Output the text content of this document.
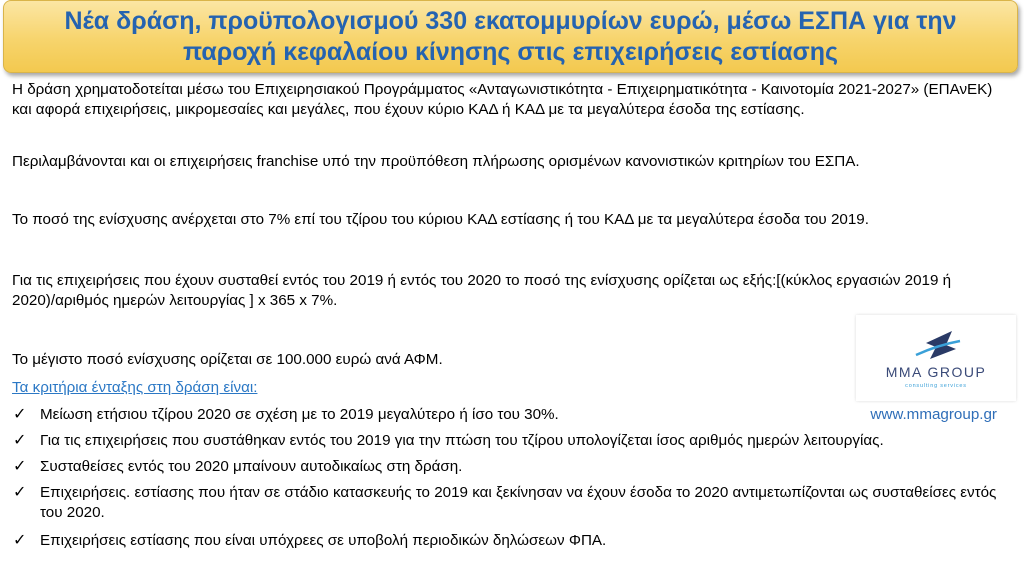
Νέα δράση, προϋπολογισμού 330 εκατομμυρίων ευρώ, μέσω ΕΣΠΑ για την
παροχή κεφαλαίου κίνησης στις επιχειρήσεις εστίασης
Η δράση χρηματοδοτείται μέσω του Επιχειρησιακού Προγράμματος «Ανταγωνιστικότητα - Επιχειρηματικότητα - Καινοτομία 2021-2027» (ΕΠΑνΕΚ) και αφορά επιχειρήσεις, μικρομεσαίες και μεγάλες, που έχουν κύριο ΚΑΔ ή ΚΑΔ με τα μεγαλύτερα έσοδα της εστίασης.
Περιλαμβάνονται και οι επιχειρήσεις franchise υπό την προϋπόθεση πλήρωσης ορισμένων κανονιστικών κριτηρίων του ΕΣΠΑ.
Το ποσό της ενίσχυσης ανέρχεται στο 7% επί του τζίρου του κύριου ΚΑΔ εστίασης ή του ΚΑΔ με τα μεγαλύτερα έσοδα του 2019.
Για τις επιχειρήσεις που έχουν συσταθεί εντός του 2019 ή εντός του 2020 το ποσό της ενίσχυσης ορίζεται ως εξής:[(κύκλος εργασιών 2019 ή 2020)/αριθμός ημερών λειτουργίας ] x 365 x 7%.
Το μέγιστο ποσό ενίσχυσης ορίζεται σε 100.000 ευρώ ανά ΑΦΜ.
Τα κριτήρια ένταξης στη δράση είναι:
✓ Μείωση ετήσιου τζίρου 2020 σε σχέση με το 2019 μεγαλύτερο ή ίσο του 30%.	www.mmagroup.gr
✓ Για τις επιχειρήσεις που συστάθηκαν εντός του 2019 για την πτώση του τζίρου υπολογίζεται ίσος αριθμός ημερών λειτουργίας.
✓ Συσταθείσες εντός του 2020 μπαίνουν αυτοδικαίως στη δράση.
✓ Επιχειρήσεις. εστίασης που ήταν σε στάδιο κατασκευής το 2019 και ξεκίνησαν να έχουν έσοδα το 2020 αντιμετωπίζονται ως συσταθείσες εντός του 2020.
✓ Επιχειρήσεις εστίασης που είναι υπόχρεες σε υποβολή περιοδικών δηλώσεων ΦΠΑ.
MMA GROUP
consulting services
